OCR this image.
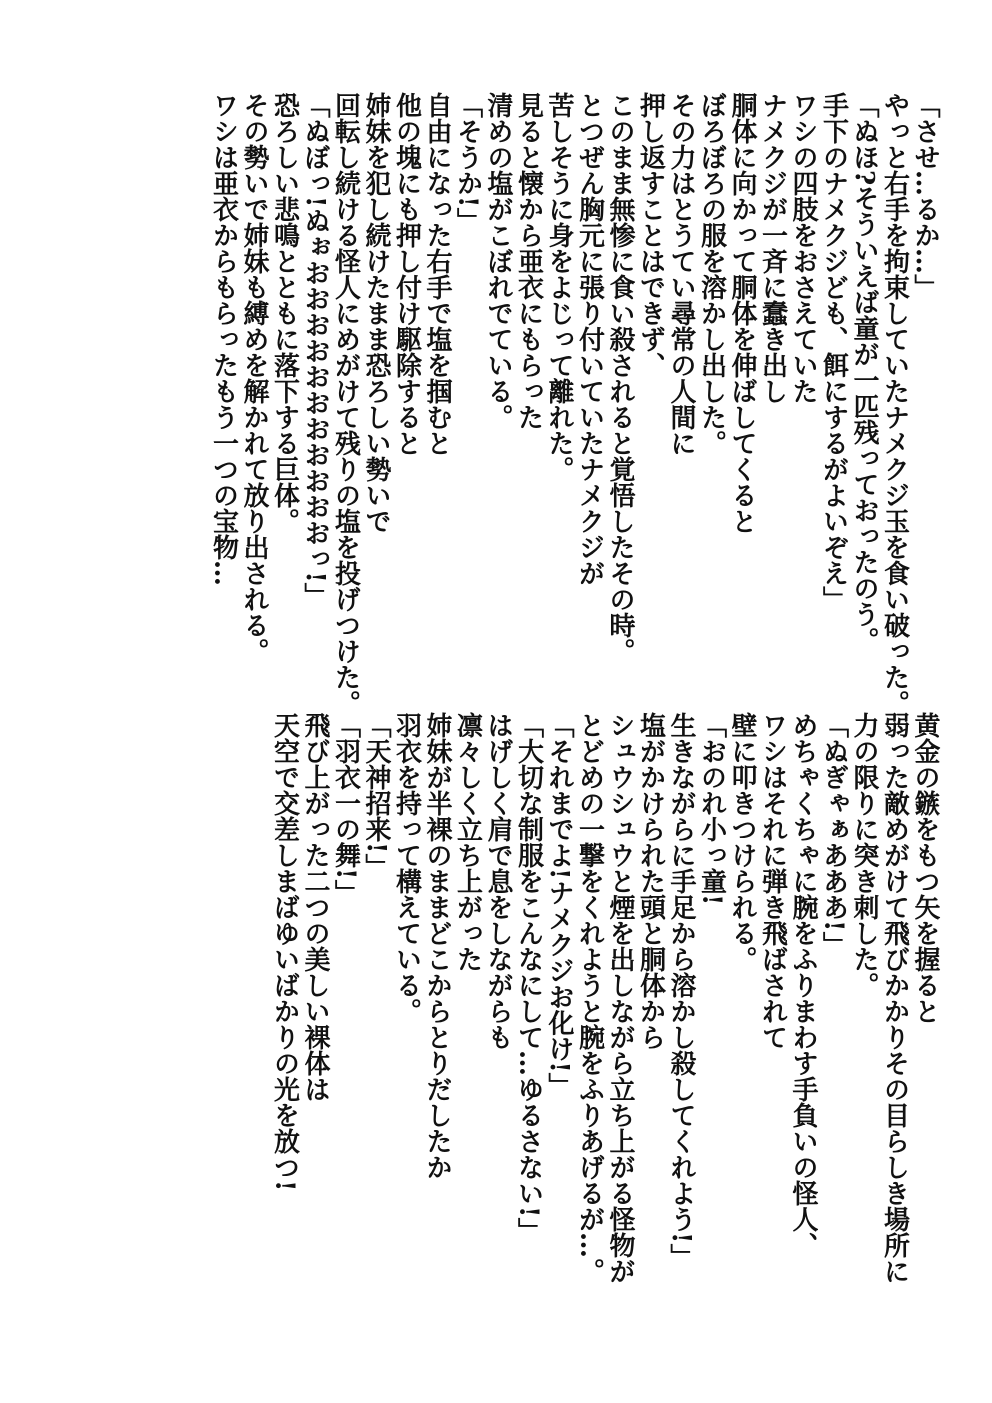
「させ…るか…」
やっと右手を拘束していたナメクジ玉を食い破った。
「ぬほ?そういえば童が一匹残っておったのう。
手下のナメクジども、餌にするがよいぞえ」
ワシの四肢をおさえていた
ナメクジが一斉に蠢き出し
胴体に向かって胴体を伸ばしてくると
ぼろぼろの服を溶かし出した。
その力はとうてい尋常の人間に
押し返すことはできず、
このまま無惨に食い殺されると覚悟したその時。
とつぜん胸元に張り付いていたナメクジが
苦しそうに身をよじって離れた。
見ると懐から亜衣にもらった
清めの塩がこぼれでている。
「そうか!」
自由になった右手で塩を掴むと
他の塊にも押し付け駆除すると
姉妹を犯し続けたまま恐ろしい勢いで
回転し続ける怪人にめがけて残りの塩を投げつけた。
「ぬぼっ!ぬぉおおおおおおおおおおおっ!」
恐ろしい悲鳴とともに落下する巨体。
その勢いで姉妹も縛めを解かれて放り出される。
ワシは亜衣からもらったもう一つの宝物…
黄金の鏃をもつ矢を握ると
弱った敵めがけて飛びかかりその目らしき場所に
力の限りに突き刺した。
「ぬぎゃぁあああ!」
めちゃくちゃに腕をふりまわす手負いの怪人、
ワシはそれに弾き飛ばされて
壁に叩きつけられる。
「おのれ小っ童!
生きながらに手足から溶かし殺してくれよう!」
塩がかけられた頭と胴体から
シュウシュウと煙を出しながら立ち上がる怪物が
とどめの一撃をくれようと腕をふりあげるが…。
「それまでよ!ナメクジお化け!」
「大切な制服をこんなにして…ゆるさない!」
はげしく肩で息をしながらも
凛々しく立ち上がった
姉妹が半裸のままどこからとりだしたか
羽衣を持って構えている。
「天神招来!」
「羽衣一の舞!」
飛び上がった二つの美しい裸体は
天空で交差しまばゆいばかりの光を放つ!
